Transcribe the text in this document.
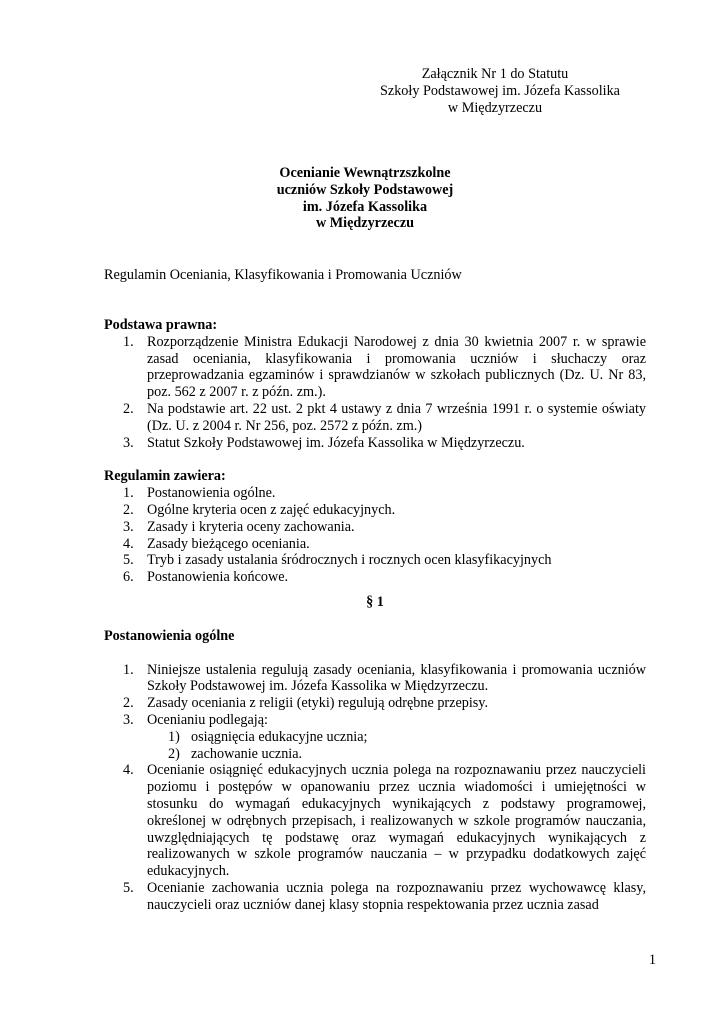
Załącznik Nr 1 do Statutu
Szkoły Podstawowej im. Józefa Kassolika
w Międzyrzeczu
Ocenianie Wewnątrzszkolne
uczniów Szkoły Podstawowej
im. Józefa Kassolika
w Międzyrzeczu
Regulamin Oceniania, Klasyfikowania i Promowania Uczniów
Podstawa prawna:
1. Rozporządzenie Ministra Edukacji Narodowej z dnia 30 kwietnia 2007 r. w sprawie zasad oceniania, klasyfikowania i promowania uczniów i słuchaczy oraz przeprowadzania egzaminów i sprawdzianów w szkołach publicznych (Dz. U. Nr 83, poz. 562 z 2007 r. z późn. zm.).
2. Na podstawie art. 22 ust. 2 pkt 4 ustawy z dnia 7 września 1991 r. o systemie oświaty (Dz. U. z 2004 r. Nr 256, poz. 2572 z późn. zm.)
3. Statut Szkoły Podstawowej im. Józefa Kassolika w Międzyrzeczu.
Regulamin zawiera:
1. Postanowienia ogólne.
2. Ogólne kryteria ocen z zajęć edukacyjnych.
3. Zasady i kryteria oceny zachowania.
4. Zasady bieżącego oceniania.
5. Tryb i zasady ustalania śródrocznych i rocznych ocen klasyfikacyjnych
6. Postanowienia końcowe.
§ 1
Postanowienia ogólne
1. Niniejsze ustalenia regulują zasady oceniania, klasyfikowania i promowania uczniów Szkoły Podstawowej im. Józefa Kassolika w Międzyrzeczu.
2. Zasady oceniania z religii (etyki) regulują odrębne przepisy.
3. Ocenianiu podlegają:
1) osiągnięcia edukacyjne ucznia;
2) zachowanie ucznia.
4. Ocenianie osiągnięć edukacyjnych ucznia polega na rozpoznawaniu przez nauczycieli poziomu i postępów w opanowaniu przez ucznia wiadomości i umiejętności w stosunku do wymagań edukacyjnych wynikających z podstawy programowej, określonej w odrębnych przepisach, i realizowanych w szkole programów nauczania, uwzględniających tę podstawę oraz wymagań edukacyjnych wynikających z realizowanych w szkole programów nauczania – w przypadku dodatkowych zajęć edukacyjnych.
5. Ocenianie zachowania ucznia polega na rozpoznawaniu przez wychowawcę klasy, nauczycieli oraz uczniów danej klasy stopnia respektowania przez ucznia zasad
1
